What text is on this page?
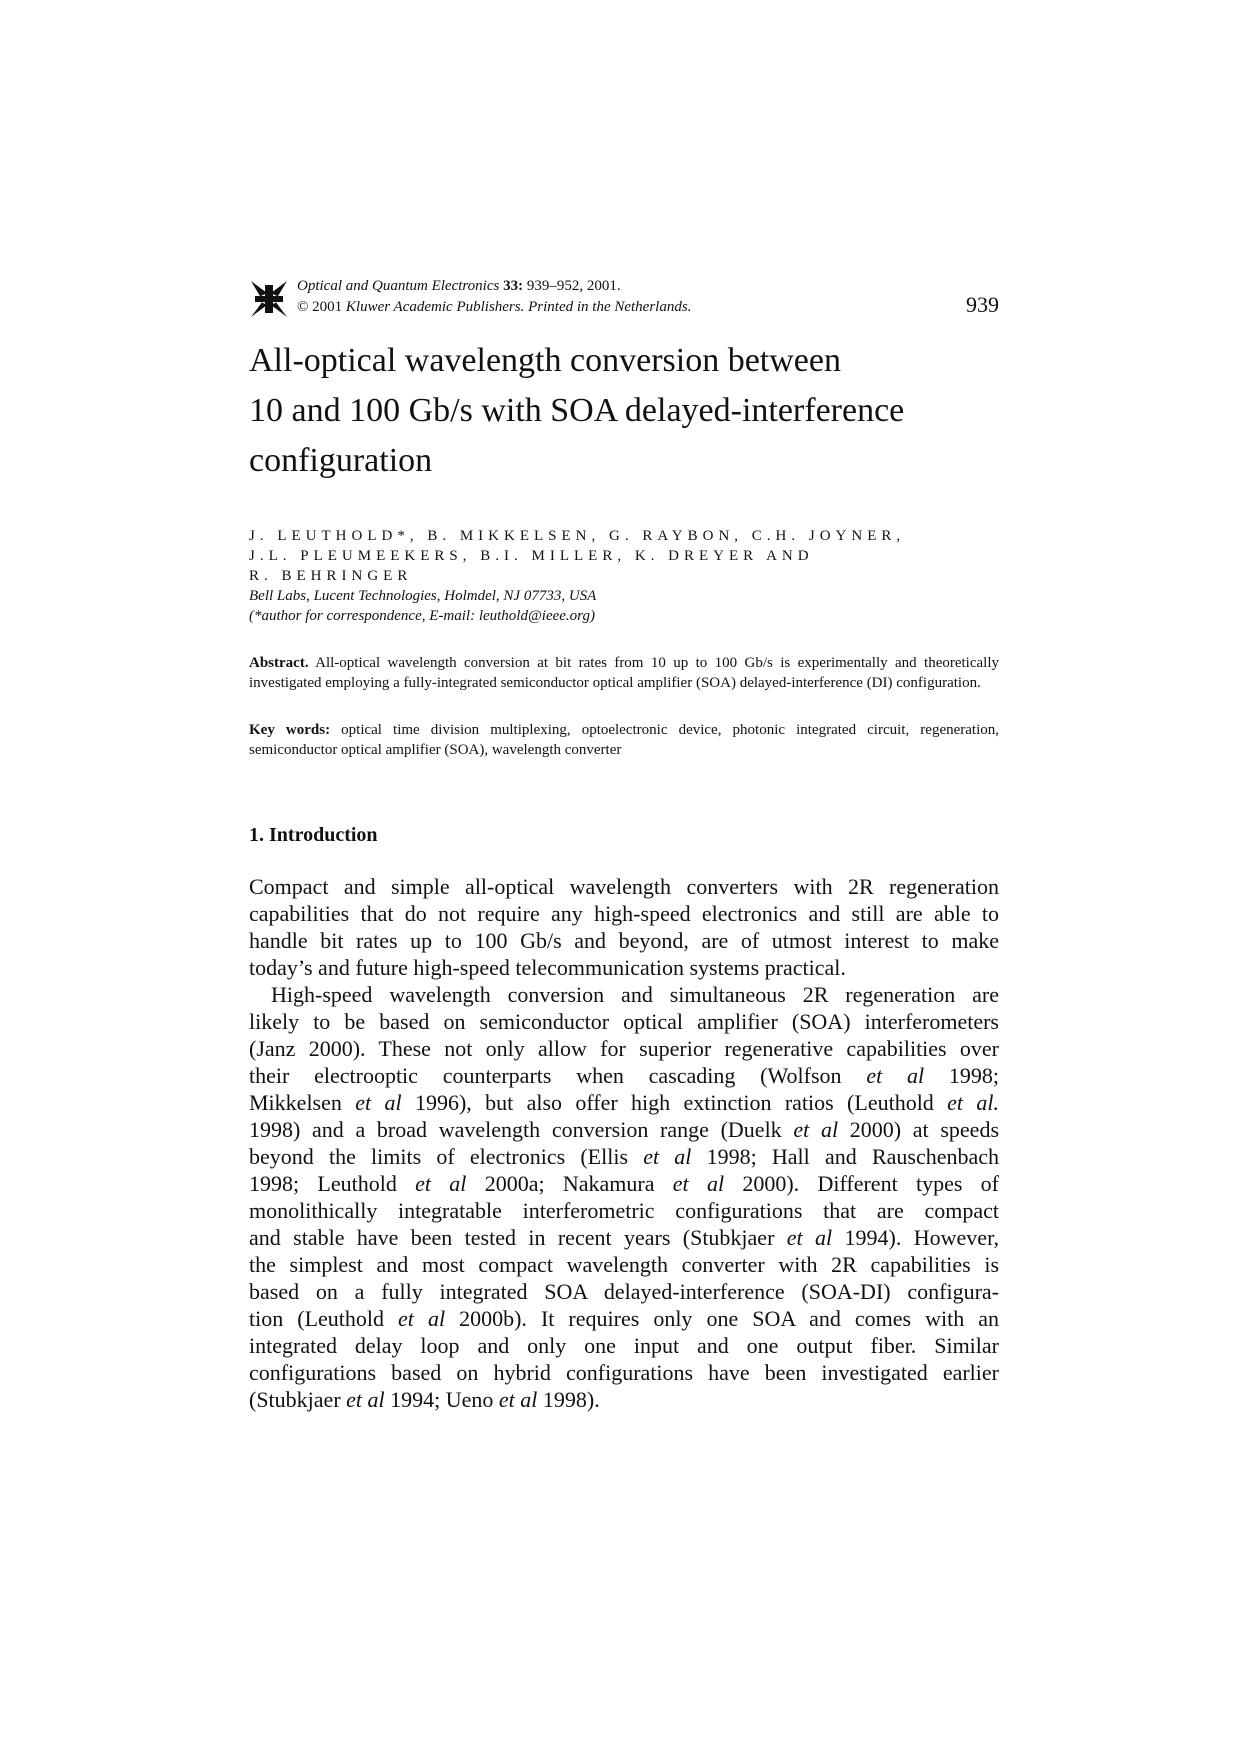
Optical and Quantum Electronics 33: 939–952, 2001.
© 2001 Kluwer Academic Publishers. Printed in the Netherlands.	939
All-optical wavelength conversion between
10 and 100 Gb/s with SOA delayed-interference
configuration
J. LEUTHOLD*, B. MIKKELSEN, G. RAYBON, C.H. JOYNER,
J.L. PLEUMEEKERS, B.I. MILLER, K. DREYER AND
R. BEHRINGER
Bell Labs, Lucent Technologies, Holmdel, NJ 07733, USA
(*author for correspondence, E-mail: leuthold@ieee.org)

Abstract. All-optical wavelength conversion at bit rates from 10 up to 100 Gb/s is experimentally and theoretically investigated employing a fully-integrated semiconductor optical amplifier (SOA) delayed-interference (DI) configuration.

Key words: optical time division multiplexing, optoelectronic device, photonic integrated circuit, regeneration, semiconductor optical amplifier (SOA), wavelength converter

1. Introduction
Compact and simple all-optical wavelength converters with 2R regeneration
capabilities that do not require any high-speed electronics and still are able to
handle bit rates up to 100 Gb/s and beyond, are of utmost interest to make
today’s and future high-speed telecommunication systems practical.
High-speed wavelength conversion and simultaneous 2R regeneration are
likely to be based on semiconductor optical amplifier (SOA) interferometers
(Janz 2000). These not only allow for superior regenerative capabilities over
their electrooptic counterparts when cascading (Wolfson et al 1998;
Mikkelsen et al 1996), but also offer high extinction ratios (Leuthold et al.
1998) and a broad wavelength conversion range (Duelk et al 2000) at speeds
beyond the limits of electronics (Ellis et al 1998; Hall and Rauschenbach
1998; Leuthold et al 2000a; Nakamura et al 2000). Different types of
monolithically integratable interferometric configurations that are compact
and stable have been tested in recent years (Stubkjaer et al 1994). However,
the simplest and most compact wavelength converter with 2R capabilities is
based on a fully integrated SOA delayed-interference (SOA-DI) configura-
tion (Leuthold et al 2000b). It requires only one SOA and comes with an
integrated delay loop and only one input and one output fiber. Similar
configurations based on hybrid configurations have been investigated earlier
(Stubkjaer et al 1994; Ueno et al 1998).
